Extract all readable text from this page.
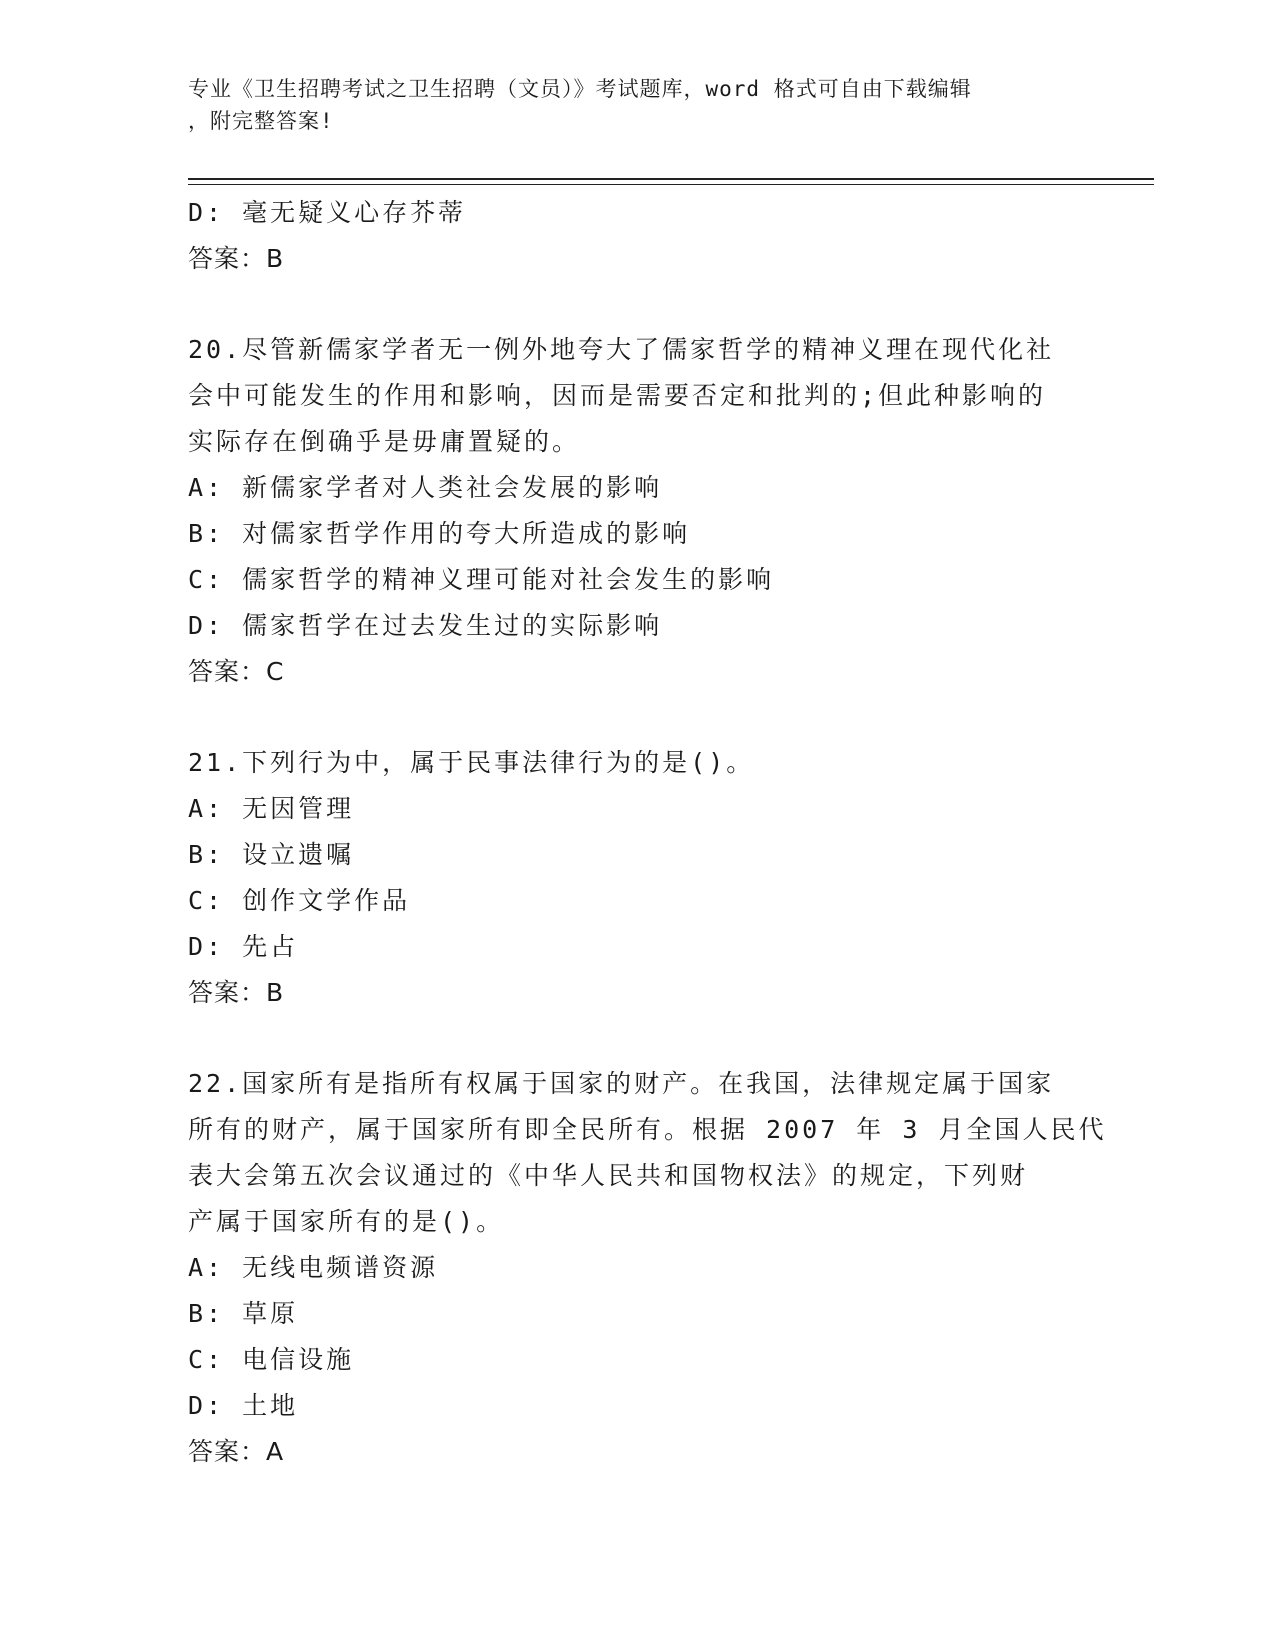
专业《卫生招聘考试之卫生招聘（文员）》考试题库，word 格式可自由下载编辑
，附完整答案!
D: 毫无疑义心存芥蒂
答案：B
20.尽管新儒家学者无一例外地夸大了儒家哲学的精神义理在现代化社
会中可能发生的作用和影响，因而是需要否定和批判的;但此种影响的
实际存在倒确乎是毋庸置疑的。
A: 新儒家学者对人类社会发展的影响
B: 对儒家哲学作用的夸大所造成的影响
C: 儒家哲学的精神义理可能对社会发生的影响
D: 儒家哲学在过去发生过的实际影响
答案：C
21.下列行为中，属于民事法律行为的是()。
A: 无因管理
B: 设立遗嘱
C: 创作文学作品
D: 先占
答案：B
22.国家所有是指所有权属于国家的财产。在我国，法律规定属于国家
所有的财产，属于国家所有即全民所有。根据 2007 年 3 月全国人民代
表大会第五次会议通过的《中华人民共和国物权法》的规定，下列财
产属于国家所有的是()。
A: 无线电频谱资源
B: 草原
C: 电信设施
D: 土地
答案：A
